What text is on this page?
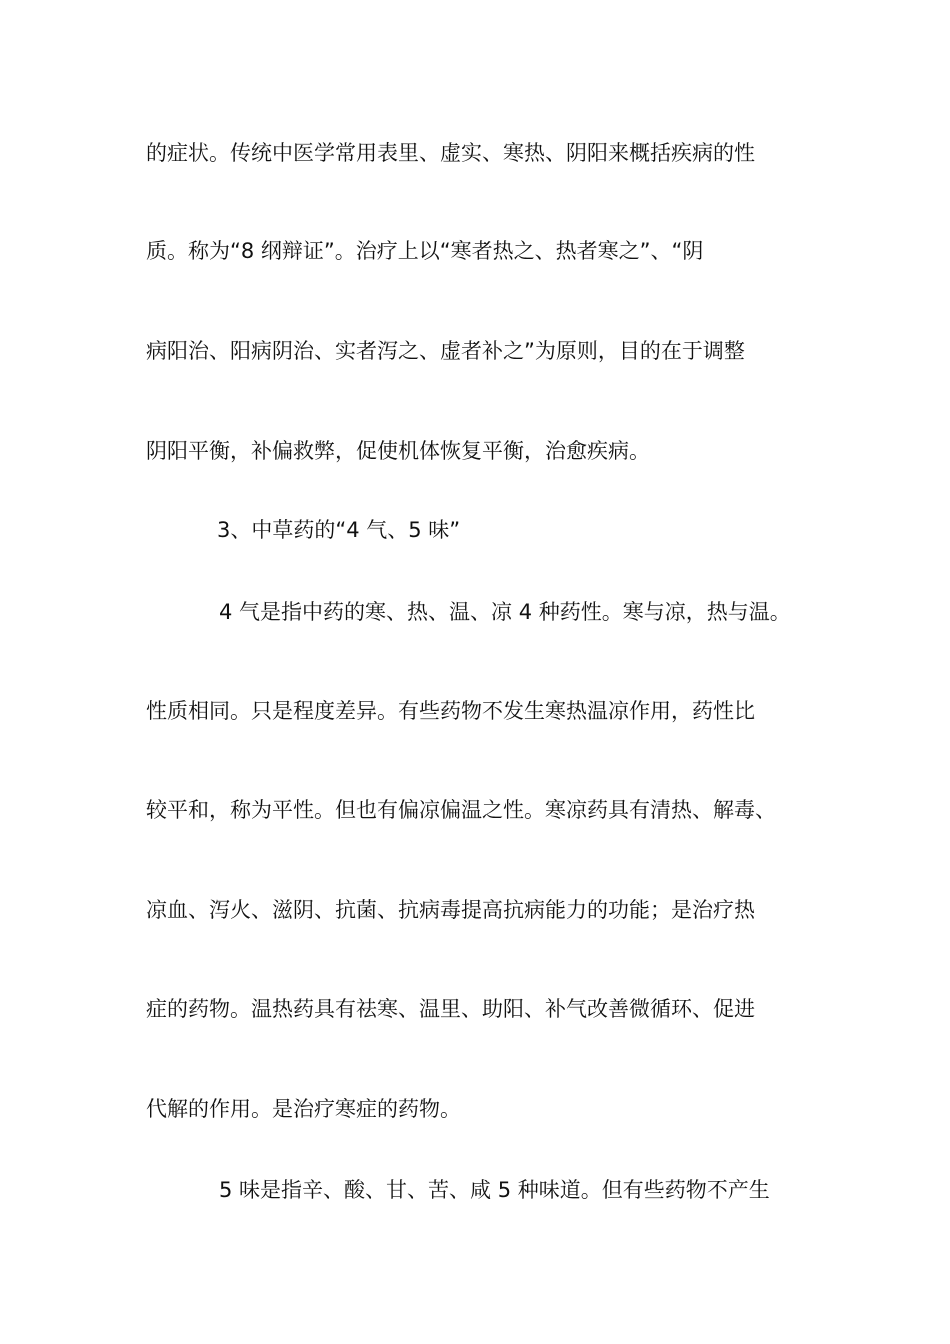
的症状。传统中医学常用表里、虚实、寒热、阴阳来概括疾病的性
质。称为“8 纲辩证”。治疗上以“寒者热之、热者寒之”、“阴
病阳治、阳病阴治、实者泻之、虚者补之”为原则，目的在于调整
阴阳平衡，补偏救弊，促使机体恢复平衡，治愈疾病。
3、中草药的“4 气、5 味”
4 气是指中药的寒、热、温、凉 4 种药性。寒与凉，热与温。
性质相同。只是程度差异。有些药物不发生寒热温凉作用，药性比
较平和，称为平性。但也有偏凉偏温之性。寒凉药具有清热、解毒、
凉血、泻火、滋阴、抗菌、抗病毒提高抗病能力的功能；是治疗热
症的药物。温热药具有祛寒、温里、助阳、补气改善微循环、促进
代解的作用。是治疗寒症的药物。
5 味是指辛、酸、甘、苦、咸 5 种味道。但有些药物不产生
